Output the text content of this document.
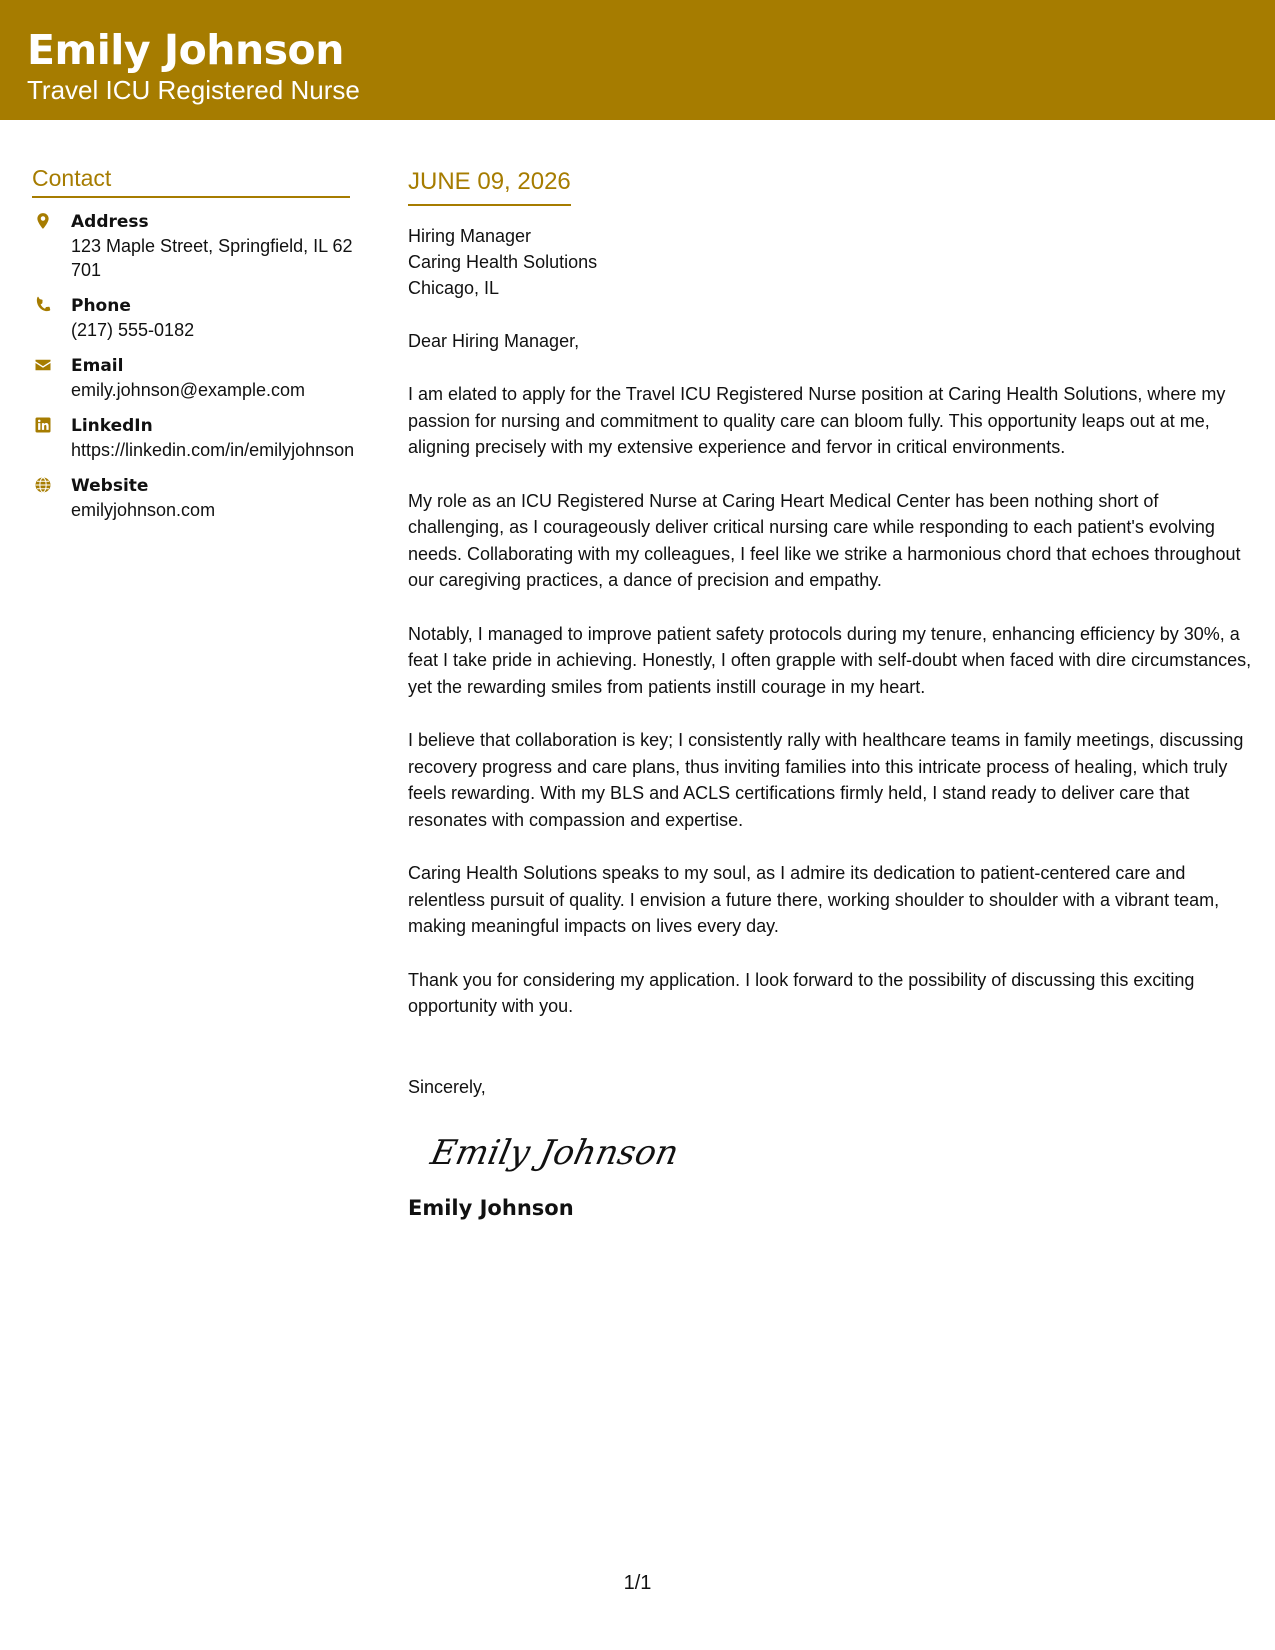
Emily Johnson
Travel ICU Registered Nurse
Contact
Address
123 Maple Street, Springfield, IL 62701
Phone
(217) 555-0182
Email
emily.johnson@example.com
LinkedIn
https://linkedin.com/in/emilyjohnson
Website
emilyjohnson.com
JUNE 09, 2026
Hiring Manager
Caring Health Solutions
Chicago, IL
Dear Hiring Manager,
I am elated to apply for the Travel ICU Registered Nurse position at Caring Health Solutions, where my passion for nursing and commitment to quality care can bloom fully. This opportunity leaps out at me, aligning precisely with my extensive experience and fervor in critical environments.
My role as an ICU Registered Nurse at Caring Heart Medical Center has been nothing short of challenging, as I courageously deliver critical nursing care while responding to each patient's evolving needs. Collaborating with my colleagues, I feel like we strike a harmonious chord that echoes throughout our caregiving practices, a dance of precision and empathy.
Notably, I managed to improve patient safety protocols during my tenure, enhancing efficiency by 30%, a feat I take pride in achieving. Honestly, I often grapple with self-doubt when faced with dire circumstances, yet the rewarding smiles from patients instill courage in my heart.
I believe that collaboration is key; I consistently rally with healthcare teams in family meetings, discussing recovery progress and care plans, thus inviting families into this intricate process of healing, which truly feels rewarding. With my BLS and ACLS certifications firmly held, I stand ready to deliver care that resonates with compassion and expertise.
Caring Health Solutions speaks to my soul, as I admire its dedication to patient-centered care and relentless pursuit of quality. I envision a future there, working shoulder to shoulder with a vibrant team, making meaningful impacts on lives every day.
Thank you for considering my application. I look forward to the possibility of discussing this exciting opportunity with you.
Sincerely,
Emily Johnson
Emily Johnson
1/1
